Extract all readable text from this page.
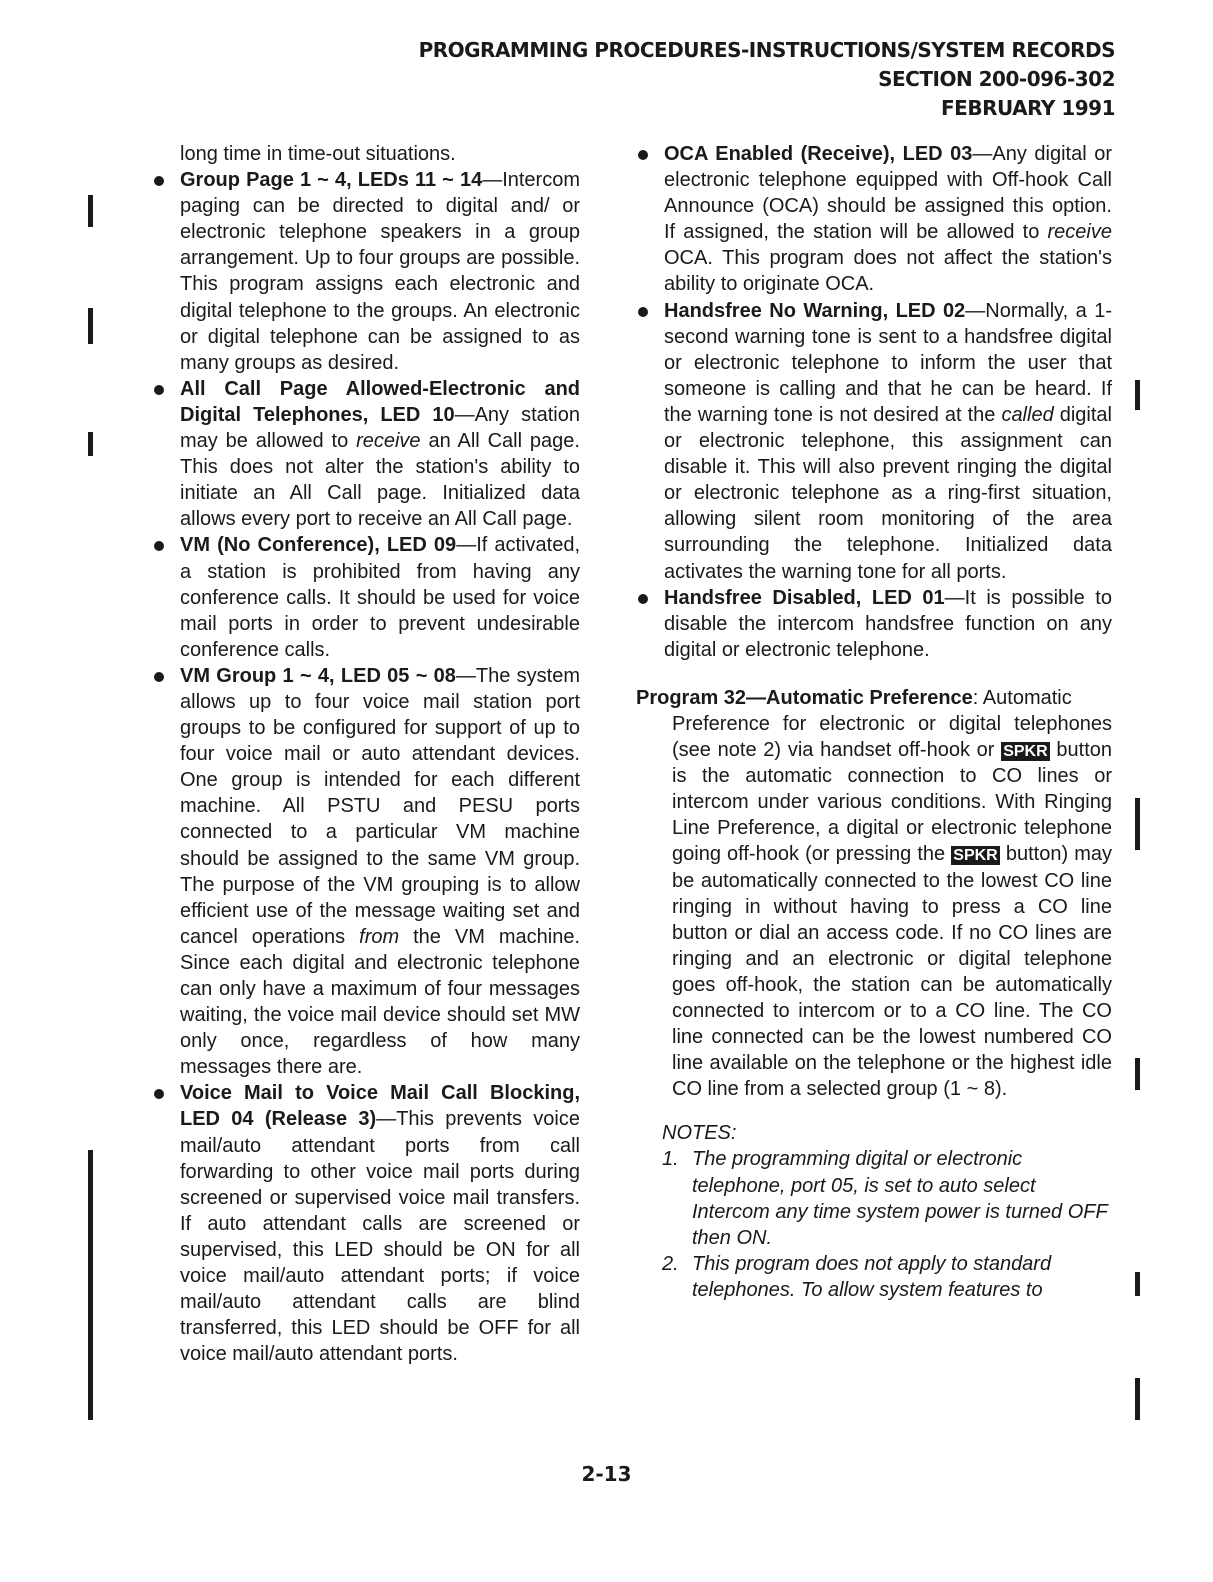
PROGRAMMING PROCEDURES-INSTRUCTIONS/SYSTEM RECORDS
SECTION 200-096-302
FEBRUARY 1991

long time in time-out situations.

Group Page 1 ~ 4, LEDs 11 ~ 14—Intercom paging can be directed to digital and/ or electronic telephone speakers in a group arrangement. Up to four groups are possible. This program assigns each electronic and digital telephone to the groups. An electronic or digital telephone can be assigned to as many groups as desired.
All Call Page Allowed-Electronic and Digital Telephones, LED 10—Any station may be allowed to receive an All Call page. This does not alter the station's ability to initiate an All Call page. Initialized data allows every port to receive an All Call page.
VM (No Conference), LED 09—If activated, a station is prohibited from having any conference calls. It should be used for voice mail ports in order to prevent undesirable conference calls.
VM Group 1 ~ 4, LED 05 ~ 08—The system allows up to four voice mail station port groups to be configured for support of up to four voice mail or auto attendant devices. One group is intended for each different machine. All PSTU and PESU ports connected to a particular VM machine should be assigned to the same VM group. The purpose of the VM grouping is to allow efficient use of the message waiting set and cancel operations from the VM machine. Since each digital and electronic telephone can only have a maximum of four messages waiting, the voice mail device should set MW only once, regardless of how many messages there are.
Voice Mail to Voice Mail Call Blocking, LED 04 (Release 3)—This prevents voice mail/auto attendant ports from call forwarding to other voice mail ports during screened or supervised voice mail transfers. If auto attendant calls are screened or supervised, this LED should be ON for all voice mail/auto attendant ports; if voice mail/auto attendant calls are blind transferred, this LED should be OFF for all voice mail/auto attendant ports.
OCA Enabled (Receive), LED 03—Any digital or electronic telephone equipped with Off-hook Call Announce (OCA) should be assigned this option. If assigned, the station will be allowed to receive OCA. This program does not affect the station's ability to originate OCA.
Handsfree No Warning, LED 02—Normally, a 1-second warning tone is sent to a handsfree digital or electronic telephone to inform the user that someone is calling and that he can be heard. If the warning tone is not desired at the called digital or electronic telephone, this assignment can disable it. This will also prevent ringing the digital or electronic telephone as a ring-first situation, allowing silent room monitoring of the area surrounding the telephone. Initialized data activates the warning tone for all ports.
Handsfree Disabled, LED 01—It is possible to disable the intercom handsfree function on any digital or electronic telephone.

Program 32—Automatic Preference: Automatic

Preference for electronic or digital telephones (see note 2) via handset off-hook or SPKR button is the automatic connection to CO lines or intercom under various conditions. With Ringing Line Preference, a digital or electronic telephone going off-hook (or pressing the SPKR button) may be automatically connected to the lowest CO line ringing in without having to press a CO line button or dial an access code. If no CO lines are ringing and an electronic or digital telephone goes off-hook, the station can be automatically connected to intercom or to a CO line. The CO line connected can be the lowest numbered CO line available on the telephone or the highest idle CO line from a selected group (1 ~ 8).

NOTES:

1. The programming digital or electronic telephone, port 05, is set to auto select Intercom any time system power is turned OFF then ON.
2. This program does not apply to standard telephones. To allow system features to
2-13
